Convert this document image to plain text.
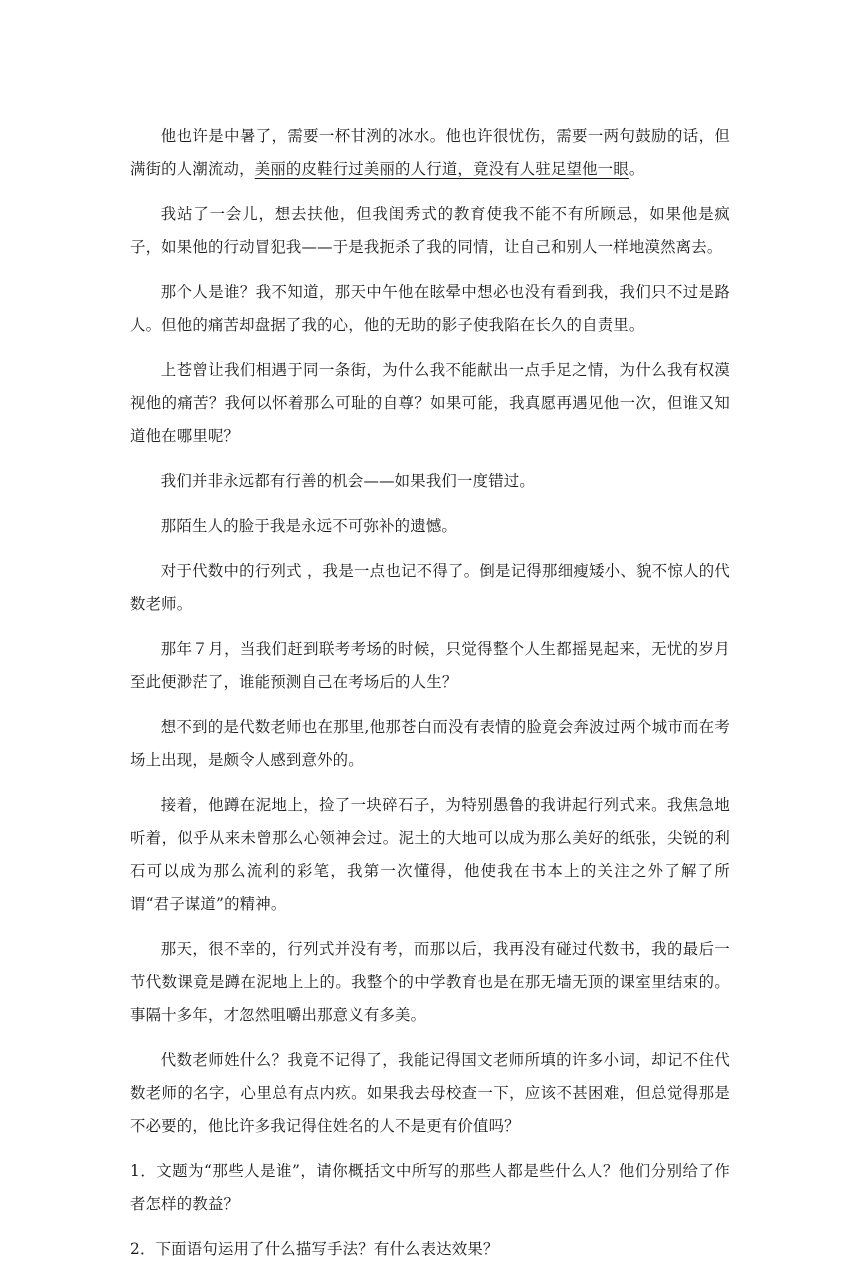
他也许是中暑了，需要一杯甘洌的冰水。他也许很忧伤，需要一两句鼓励的话，但满街的人潮流动，美丽的皮鞋行过美丽的人行道，竟没有人驻足望他一眼。

我站了一会儿，想去扶他，但我闺秀式的教育使我不能不有所顾忌，如果他是疯子，如果他的行动冒犯我——于是我扼杀了我的同情，让自己和别人一样地漠然离去。

那个人是谁？我不知道，那天中午他在眩晕中想必也没有看到我，我们只不过是路人。但他的痛苦却盘据了我的心，他的无助的影子使我陷在长久的自责里。

上苍曾让我们相遇于同一条街，为什么我不能献出一点手足之情，为什么我有权漠视他的痛苦？我何以怀着那么可耻的自尊？如果可能，我真愿再遇见他一次，但谁又知道他在哪里呢？

我们并非永远都有行善的机会——如果我们一度错过。

那陌生人的脸于我是永远不可弥补的遗憾。

对于代数中的行列式 ，我是一点也记不得了。倒是记得那细瘦矮小、貌不惊人的代数老师。

那年７月，当我们赶到联考考场的时候，只觉得整个人生都摇晃起来，无忧的岁月至此便渺茫了，谁能预测自己在考场后的人生？

想不到的是代数老师也在那里,他那苍白而没有表情的脸竟会奔波过两个城市而在考场上出现，是颇令人感到意外的。

接着，他蹲在泥地上，捡了一块碎石子，为特别愚鲁的我讲起行列式来。我焦急地听着，似乎从来未曾那么心领神会过。泥土的大地可以成为那么美好的纸张，尖锐的利石可以成为那么流利的彩笔，我第一次懂得，他使我在书本上的关注之外了解了所谓“君子谋道”的精神。

那天，很不幸的，行列式并没有考，而那以后，我再没有碰过代数书，我的最后一节代数课竟是蹲在泥地上上的。我整个的中学教育也是在那无墙无顶的课室里结束的。事隔十多年，才忽然咀嚼出那意义有多美。

代数老师姓什么？我竟不记得了，我能记得国文老师所填的许多小词，却记不住代数老师的名字，心里总有点内疚。如果我去母校查一下，应该不甚困难，但总觉得那是不必要的，他比许多我记得住姓名的人不是更有价值吗？

1．文题为“那些人是谁”，请你概括文中所写的那些人都是些什么人？他们分别给了作者怎样的教益？

2．下面语句运用了什么描写手法？有什么表达效果？
